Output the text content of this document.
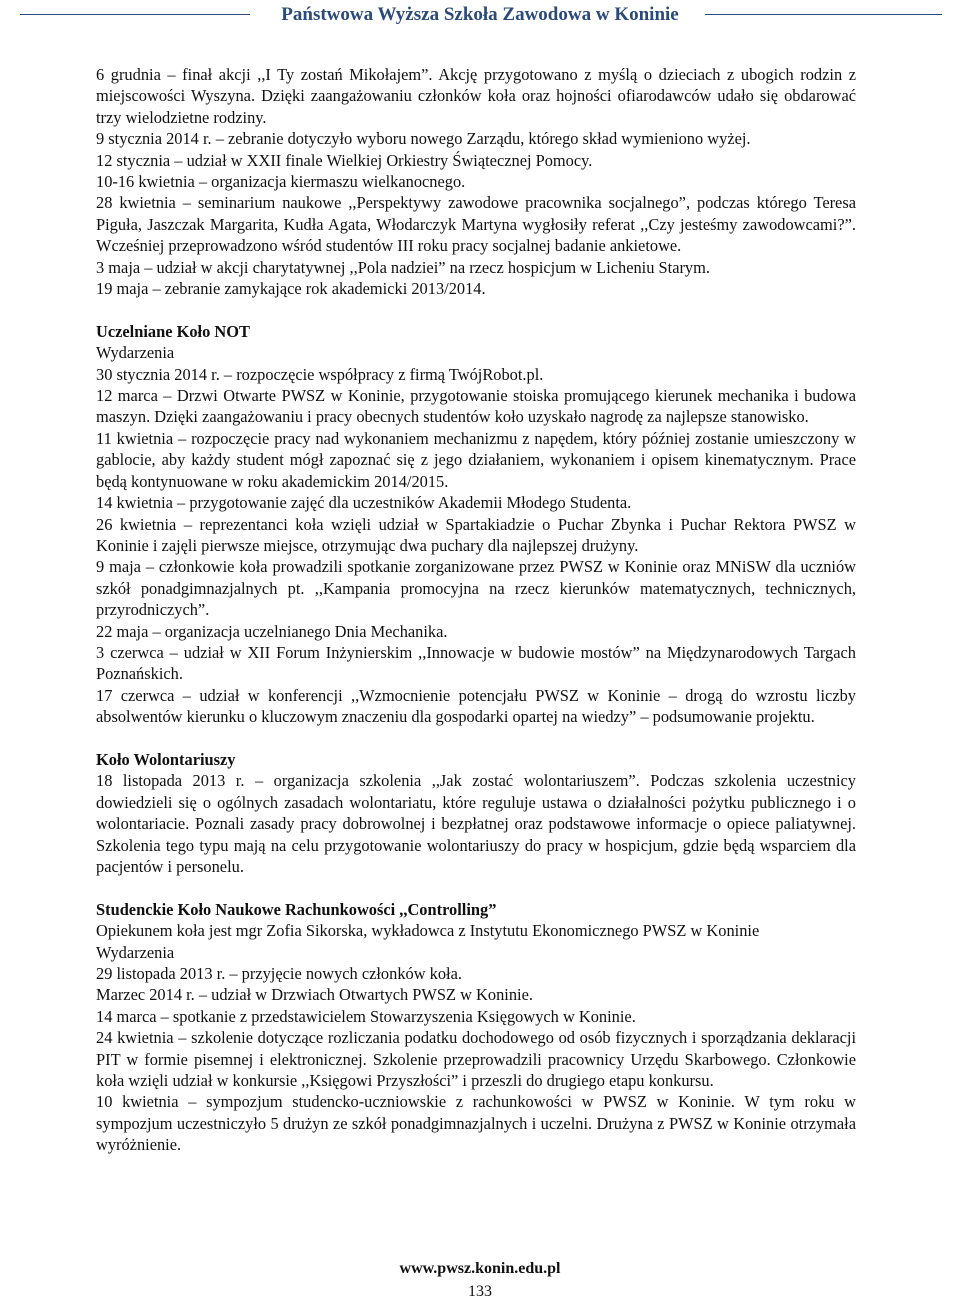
Państwowa Wyższa Szkoła Zawodowa w Koninie

6 grudnia – finał akcji ,,I Ty zostań Mikołajem”. Akcję przygotowano z myślą o dzieciach z ubogich rodzin z miejscowości Wyszyna. Dzięki zaangażowaniu członków koła oraz hojności ofiarodawców udało się obdarować trzy wielodzietne rodziny.

9 stycznia 2014 r. – zebranie dotyczyło wyboru nowego Zarządu, którego skład wymieniono wyżej.

12 stycznia – udział w XXII finale Wielkiej Orkiestry Świątecznej Pomocy.

10-16 kwietnia – organizacja kiermaszu wielkanocnego.

28 kwietnia – seminarium naukowe ,,Perspektywy zawodowe pracownika socjalnego”, podczas którego Teresa Piguła, Jaszczak Margarita, Kudła Agata, Włodarczyk Martyna wygłosiły referat ,,Czy jesteśmy zawodowcami?”. Wcześniej przeprowadzono wśród studentów III roku pracy socjalnej badanie ankietowe.

3 maja – udział w akcji charytatywnej ,,Pola nadziei” na rzecz hospicjum w Licheniu Starym.

19 maja – zebranie zamykające rok akademicki 2013/2014.

Uczelniane Koło NOT

Wydarzenia

30 stycznia 2014 r. – rozpoczęcie współpracy z firmą TwójRobot.pl.

12 marca – Drzwi Otwarte PWSZ w Koninie, przygotowanie stoiska promującego kierunek mechanika i budowa maszyn. Dzięki zaangażowaniu i pracy obecnych studentów koło uzyskało nagrodę za najlepsze stanowisko.

11 kwietnia – rozpoczęcie pracy nad wykonaniem mechanizmu z napędem, który później zostanie umieszczony w gablocie, aby każdy student mógł zapoznać się z jego działaniem, wykonaniem i opisem kinematycznym. Prace będą kontynuowane w roku akademickim 2014/2015.

14 kwietnia – przygotowanie zajęć dla uczestników Akademii Młodego Studenta.

26 kwietnia – reprezentanci koła wzięli udział w Spartakiadzie o Puchar Zbynka i Puchar Rektora PWSZ w Koninie i zajęli pierwsze miejsce, otrzymując dwa puchary dla najlepszej drużyny.

9 maja – członkowie koła prowadzili spotkanie zorganizowane przez PWSZ w Koninie oraz MNiSW dla uczniów szkół ponadgimnazjalnych pt. ,,Kampania promocyjna na rzecz kierunków matematycznych, technicznych, przyrodniczych”.

22 maja – organizacja uczelnianego Dnia Mechanika.

3 czerwca – udział w XII Forum Inżynierskim ,,Innowacje w budowie mostów” na Międzynarodowych Targach Poznańskich.

17 czerwca – udział w konferencji ,,Wzmocnienie potencjału PWSZ w Koninie – drogą do wzrostu liczby absolwentów kierunku o kluczowym znaczeniu dla gospodarki opartej na wiedzy” – podsumowanie projektu.

Koło Wolontariuszy

18 listopada 2013 r. – organizacja szkolenia ,,Jak zostać wolontariuszem”. Podczas szkolenia uczestnicy dowiedzieli się o ogólnych zasadach wolontariatu, które reguluje ustawa o działalności pożytku publicznego i o wolontariacie. Poznali zasady pracy dobrowolnej i bezpłatnej oraz podstawowe informacje o opiece paliatywnej. Szkolenia tego typu mają na celu przygotowanie wolontariuszy do pracy w hospicjum, gdzie będą wsparciem dla pacjentów i personelu.

Studenckie Koło Naukowe Rachunkowości ,,Controlling”

Opiekunem koła jest mgr Zofia Sikorska, wykładowca z Instytutu Ekonomicznego PWSZ w Koninie

Wydarzenia

29 listopada 2013 r. – przyjęcie nowych członków koła.

Marzec 2014 r. – udział w Drzwiach Otwartych PWSZ w Koninie.

14 marca – spotkanie z przedstawicielem Stowarzyszenia Księgowych w Koninie.

24 kwietnia – szkolenie dotyczące rozliczania podatku dochodowego od osób fizycznych i sporządzania deklaracji PIT w formie pisemnej i elektronicznej. Szkolenie przeprowadzili pracownicy Urzędu Skarbowego. Członkowie koła wzięli udział w konkursie ,,Księgowi Przyszłości” i przeszli do drugiego etapu konkursu.

10 kwietnia – sympozjum studencko-uczniowskie z rachunkowości w PWSZ w Koninie. W tym roku w sympozjum uczestniczyło 5 drużyn ze szkół ponadgimnazjalnych i uczelni. Drużyna z PWSZ w Koninie otrzymała wyróżnienie.

www.pwsz.konin.edu.pl
133
